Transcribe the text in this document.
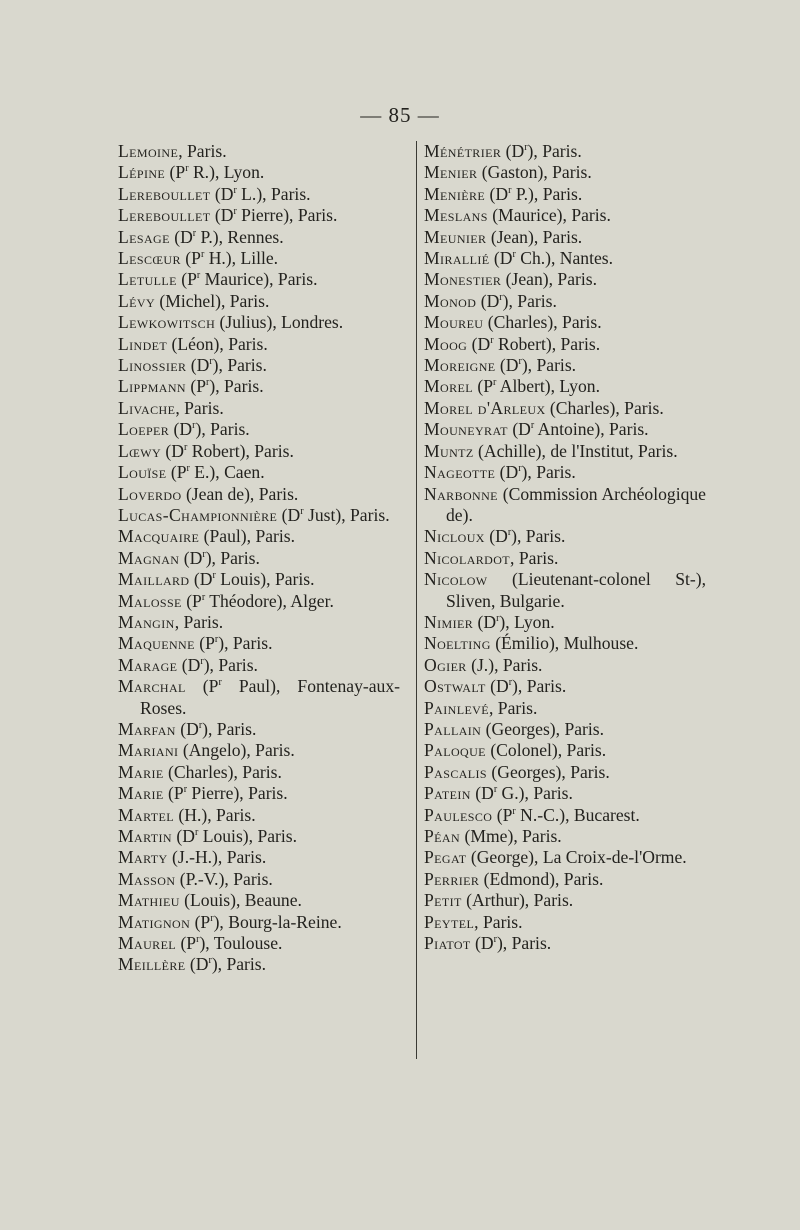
— 85 —
Lemoine, Paris.
Lépine ($P^r$ R.), Lyon.
Lereboullet ($D^r$ L.), Paris.
Lereboullet ($D^r$ Pierre), Paris.
Lesage ($D^r$ P.), Rennes.
Lescœur ($P^r$ H.), Lille.
Letulle ($P^r$ Maurice), Paris.
Lévy (Michel), Paris.
Lewkowitsch (Julius), Londres.
Lindet (Léon), Paris.
Linossier $(D^r)$, Paris.
Lippmann $(P^r)$, Paris.
Livache, Paris.
Loeper $(D^r)$, Paris.
Lœwy ($D^r$ Robert), Paris.
Louïse ($P^r$ E.), Caen.
Loverdo (Jean de), Paris.
Lucas-Championnière ($D^r$ Just), Paris.
Macquaire (Paul), Paris.
Magnan $(D^r)$, Paris.
Maillard ($D^r$ Louis), Paris.
Malosse ($P^r$ Théodore), Alger.
Mangin, Paris.
Maquenne $(P^r)$, Paris.
Marage $(D^r)$, Paris.
Marchal ($P^r$ Paul), Fontenay-aux-Roses.
Marfan $(D^r)$, Paris.
Mariani (Angelo), Paris.
Marie (Charles), Paris.
Marie ($P^r$ Pierre), Paris.
Martel (H.), Paris.
Martin ($D^r$ Louis), Paris.
Marty (J.-H.), Paris.
Masson (P.-V.), Paris.
Mathieu (Louis), Beaune.
Matignon $(P^r)$, Bourg-la-Reine.
Maurel $(P^r)$, Toulouse.
Meillère $(D^r)$, Paris.
Ménétrier $(D^r)$, Paris.
Menier (Gaston), Paris.
Menière ($D^r$ P.), Paris.
Meslans (Maurice), Paris.
Meunier (Jean), Paris.
Mirallié ($D^r$ Ch.), Nantes.
Monestier (Jean), Paris.
Monod $(D^r)$, Paris.
Moureu (Charles), Paris.
Moog ($D^r$ Robert), Paris.
Moreigne $(D^r)$, Paris.
Morel ($P^r$ Albert), Lyon.
Morel d'Arleux (Charles), Paris.
Mouneyrat ($D^r$ Antoine), Paris.
Muntz (Achille), de l'Institut, Paris.
Nageotte $(D^r)$, Paris.
Narbonne (Commission Archéologique de).
Nicloux $(D^r)$, Paris.
Nicolardot, Paris.
Nicolow (Lieutenant-colonel St-), Sliven, Bulgarie.
Nimier $(D^r)$, Lyon.
Noelting (Émilio), Mulhouse.
Ogier (J.), Paris.
Ostwalt $(D^r)$, Paris.
Painlevé, Paris.
Pallain (Georges), Paris.
Paloque (Colonel), Paris.
Pascalis (Georges), Paris.
Patein ($D^r$ G.), Paris.
Paulesco ($P^r$ N.-C.), Bucarest.
Péan (Mme), Paris.
Pegat (George), La Croix-de-l'Orme.
Perrier (Edmond), Paris.
Petit (Arthur), Paris.
Peytel, Paris.
Piatot $(D^r)$, Paris.
